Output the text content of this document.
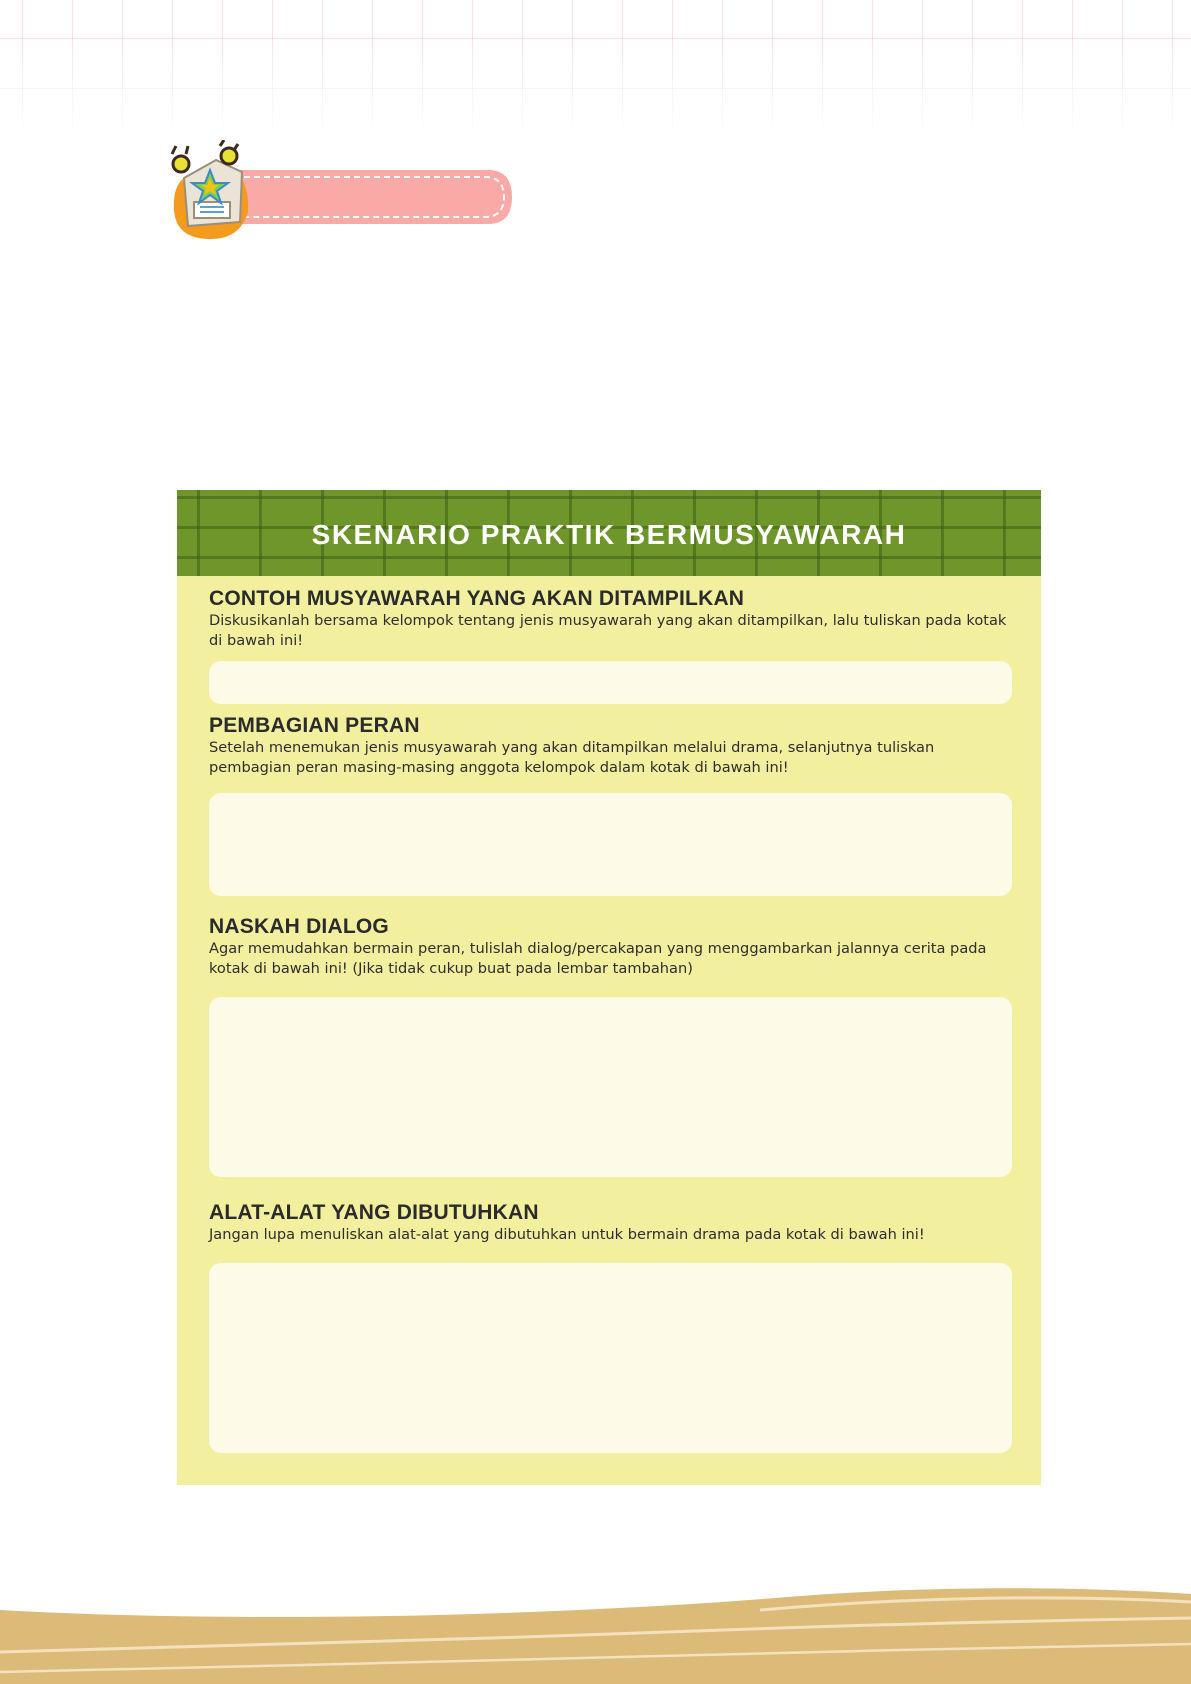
SKENARIO PRAKTIK BERMUSYAWARAH
CONTOH MUSYAWARAH YANG AKAN DITAMPILKAN

Diskusikanlah bersama kelompok tentang jenis musyawarah yang akan ditampilkan, lalu tuliskan pada kotak di bawah ini!

PEMBAGIAN PERAN

Setelah menemukan jenis musyawarah yang akan ditampilkan melalui drama, selanjutnya tuliskan pembagian peran masing-masing anggota kelompok dalam kotak di bawah ini!

NASKAH DIALOG

Agar memudahkan bermain peran, tulislah dialog/percakapan yang menggambarkan jalannya cerita pada kotak di bawah ini! (Jika tidak cukup buat pada lembar tambahan)

ALAT-ALAT YANG DIBUTUHKAN

Jangan lupa menuliskan alat-alat yang dibutuhkan untuk bermain drama pada kotak di bawah ini!
